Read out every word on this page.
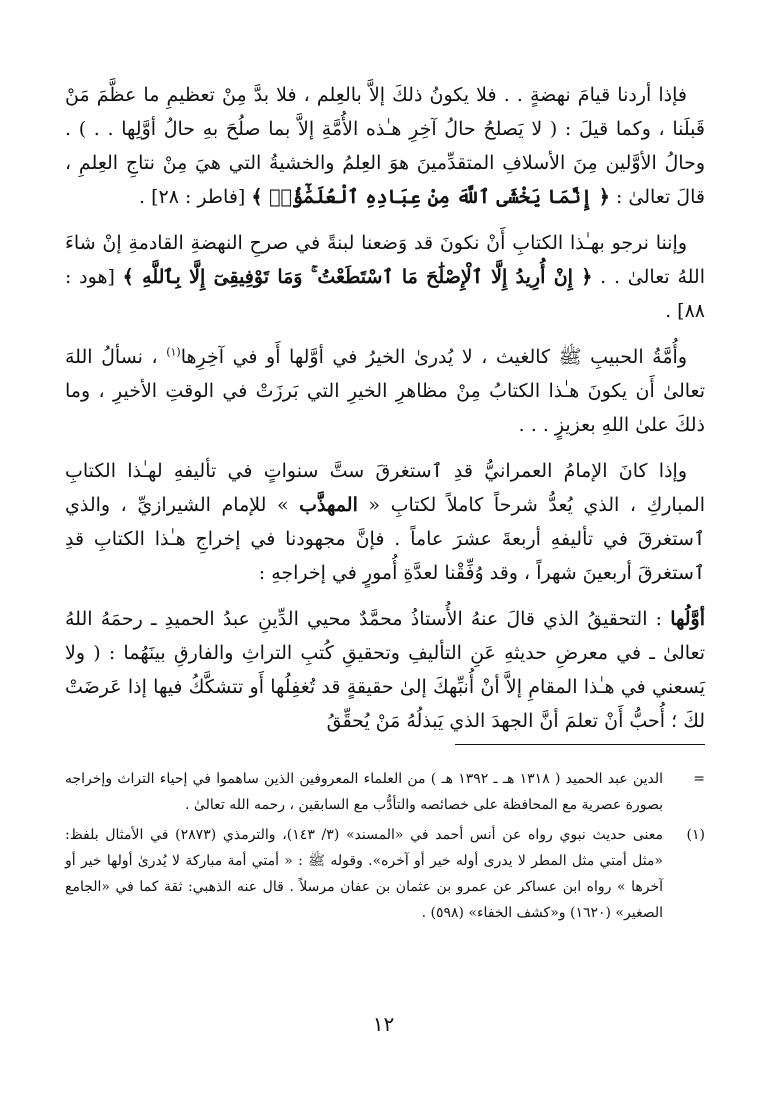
فإذا أردنا قيامَ نهضةٍ . . فلا يكونُ ذلكَ إلاَّ بالعِلم ، فلا بدَّ مِنْ تعظيمِ ما عظَّمَ مَنْ قَبلَنا ، وكما قيلَ : ( لا يَصلحُ حالُ آخِرِ هـٰذه الأُمَّةِ إلاَّ بما صلُحَ بهِ حالُ أوَّلِها . . ) . وحالُ الأوَّلين مِنَ الأسلافِ المتقدِّمينَ هوَ العِلمُ والخشيةُ التي هيَ مِنْ نتاجِ العِلمِ ، قالَ تعالىٰ : ﴿ إِنَّمَا يَخْشَى ٱللَّهَ مِنْ عِبَادِهِ ٱلْعُلَمَٰٓؤُا۟ ﴾ [فاطر : ٢٨] .

وإننا نرجو بهـٰذا الكتابِ أَنْ نكونَ قد وَضعنا لبنةً في صرحِ النهضةِ القادمةِ إنْ شاءَ اللهُ تعالىٰ . . ﴿ إِنْ أُرِيدُ إِلَّا ٱلْإِصْلَٰحَ مَا ٱسْتَطَعْتُ ۚ وَمَا تَوْفِيقِىٓ إِلَّا بِٱللَّهِ ﴾ [هود : ٨٨] .

وأُمَّةُ الحبيبِ ﷺ كالغيث ، لا يُدرىٰ الخيرُ في أوَّلها أَو في آخِرِها$^{(١)}$ ، نسألُ اللهَ تعالىٰ أَن يكونَ هـٰذا الكتابُ مِنْ مظاهرِ الخيرِ التي بَرزَتْ في الوقتِ الأخيرِ ، وما ذلكَ علىٰ اللهِ بعزيزٍ . . .

وإذا كانَ الإمامُ العمرانيُّ قدِ ٱستغرقَ ستَّ سنواتٍ في تأليفهِ لهـٰذا الكتابِ المباركِ ، الذي يُعدُّ شرحاً كاملاً لكتابِ « المهذَّب » للإمام الشيرازيِّ ، والذي ٱستغرقَ في تأليفهِ أربعةَ عشرَ عاماً . فإنَّ مجهودنا في إخراجِ هـٰذا الكتابِ قدِ ٱستغرقَ أربعينَ شهراً ، وقد وُفِّقْنا لعدَّةِ أُمورٍ في إخراجهِ :

أوَّلُها : التحقيقُ الذي قالَ عنهُ الأُستاذُ محمَّدٌ محيي الدِّينِ عبدُ الحميدِ ـ رحمَهُ اللهُ تعالىٰ ـ في معرضِ حديثهِ عَنِ التأليفِ وتحقيقِ كُتبِ التراثِ والفارقِ بينَهُما : ( ولا يَسعني في هـٰذا المقامِ إلاَّ أنْ أُنبِّهكَ إلىٰ حقيقةٍ قد تُغفِلُها أَو تتشكَّكُ فيها إذا عَرضَتْ لكَ ؛ أُحبُّ أَنْ تعلمَ أنَّ الجهدَ الذي يَبذلُهُ مَنْ يُحقِّقُ

=
الدين عبد الحميد ( ١٣١٨ هـ ـ ١٣٩٢ هـ ) من العلماء المعروفين الذين ساهموا في إحياء التراث وإخراجه بصورة عصرية مع المحافظة على خصائصه والتأدُّب مع السابقين ، رحمه الله تعالىٰ .
(١)
معنى حديث نبوي رواه عن أنس أحمد في «المسند» (٣/ ١٤٣)، والترمذي (٢٨٧٣) في الأمثال بلفظ: «مثل أمتي مثل المطر لا يدرى أوله خير أو آخره». وقوله ﷺ : « أمتي أمة مباركة لا يُدرىٰ أولها خير أو آخرها » رواه ابن عساكر عن عمرو بن عثمان بن عفان مرسلاً . قال عنه الذهبي: ثقة كما في «الجامع الصغير» (١٦٢٠) و«كشف الخفاء» (٥٩٨) .
١٢
